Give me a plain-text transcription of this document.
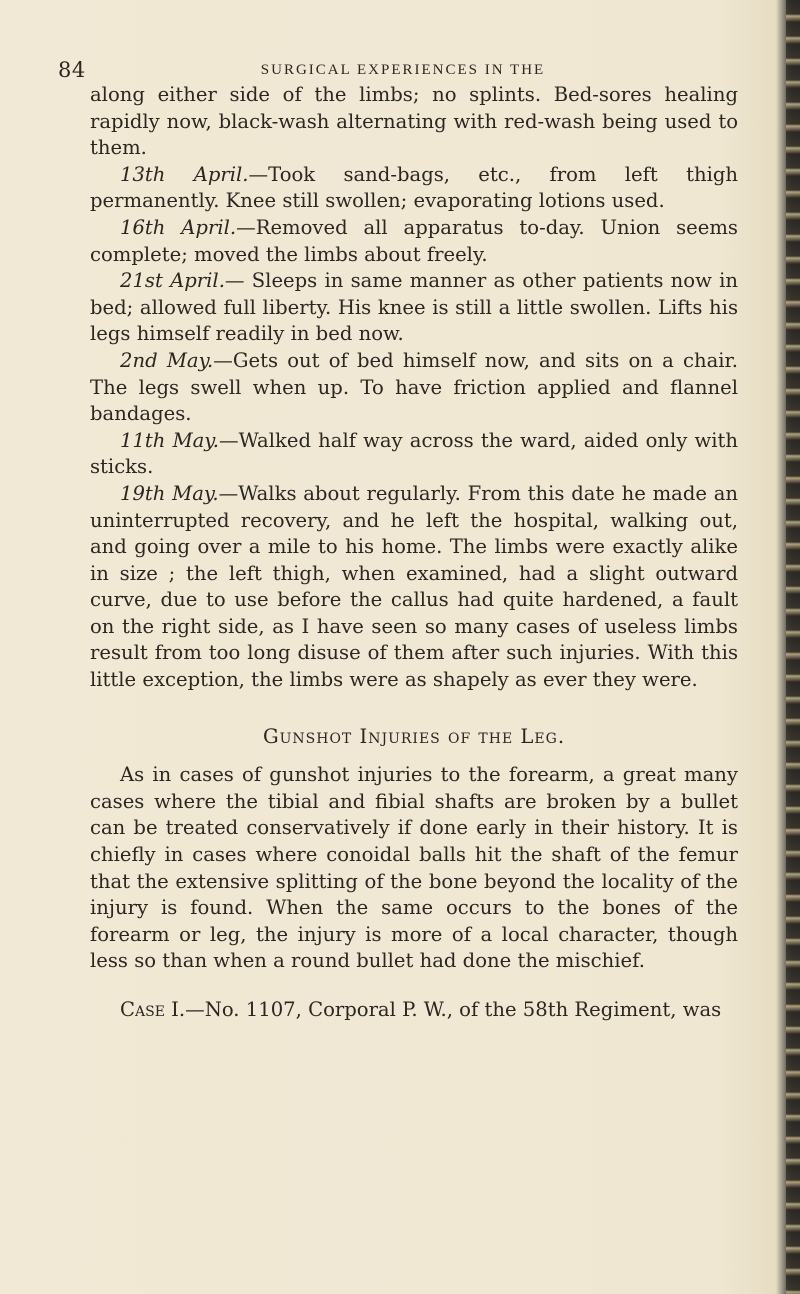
84	SURGICAL EXPERIENCES IN THE

along either side of the limbs; no splints. Bed-sores healing rapidly now, black-wash alternating with red-wash being used to them.

13th April.—Took sand-bags, etc., from left thigh permanently. Knee still swollen; evaporating lotions used.

16th April.—Removed all apparatus to-day. Union seems complete; moved the limbs about freely.

21st April.— Sleeps in same manner as other patients now in bed; allowed full liberty. His knee is still a little swollen. Lifts his legs himself readily in bed now.

2nd May.—Gets out of bed himself now, and sits on a chair. The legs swell when up. To have friction applied and flannel bandages.

11th May.—Walked half way across the ward, aided only with sticks.

19th May.—Walks about regularly. From this date he made an uninterrupted recovery, and he left the hospital, walking out, and going over a mile to his home. The limbs were exactly alike in size ; the left thigh, when examined, had a slight outward curve, due to use before the callus had quite hardened, a fault on the right side, as I have seen so many cases of useless limbs result from too long disuse of them after such injuries. With this little exception, the limbs were as shapely as ever they were.

Gunshot Injuries of the Leg.

As in cases of gunshot injuries to the forearm, a great many cases where the tibial and fibial shafts are broken by a bullet can be treated conservatively if done early in their history. It is chiefly in cases where conoidal balls hit the shaft of the femur that the extensive splitting of the bone beyond the locality of the injury is found. When the same occurs to the bones of the forearm or leg, the injury is more of a local character, though less so than when a round bullet had done the mischief.

Case I.—No. 1107, Corporal P. W., of the 58th Regiment, was
